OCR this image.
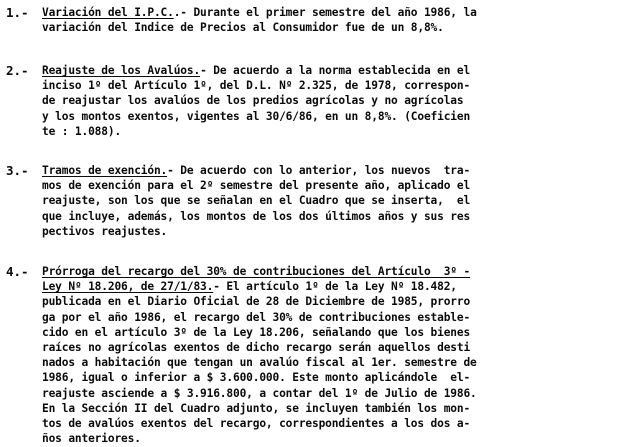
1.- Variación del I.P.C..- Durante el primer semestre del año 1986, la
variación del Indice de Precios al Consumidor fue de un 8,8%.
2.- Reajuste de los Avalúos.- De acuerdo a la norma establecida en el
inciso 1º del Artículo 1º, del D.L. Nº 2.325, de 1978, correspon-
de reajustar los avalúos de los predios agrícolas y no agrícolas
y los montos exentos, vigentes al 30/6/86, en un 8,8%. (Coeficien
te : 1.088).
3.- Tramos de exención.- De acuerdo con lo anterior, los nuevos  tra-
mos de exención para el 2º semestre del presente año, aplicado el
reajuste, son los que se señalan en el Cuadro que se inserta,  el
que incluye, además, los montos de los dos últimos años y sus res
pectivos reajustes.
4.- Prórroga del recargo del 30% de contribuciones del Artículo  3º -
Ley Nº 18.206, de 27/1/83.- El artículo 1º de la Ley Nº 18.482,
publicada en el Diario Oficial de 28 de Diciembre de 1985, prorro
ga por el año 1986, el recargo del 30% de contribuciones estable-
cido en el artículo 3º de la Ley 18.206, señalando que los bienes
raíces no agrícolas exentos de dicho recargo serán aquellos desti
nados a habitación que tengan un avalúo fiscal al 1er. semestre de
1986, igual o inferior a $ 3.600.000. Este monto aplicándole  el-
reajuste asciende a $ 3.916.800, a contar del 1º de Julio de 1986.
En la Sección II del Cuadro adjunto, se incluyen también los mon-
tos de avalúos exentos del recargo, correspondientes a los dos a-
ños anteriores.
